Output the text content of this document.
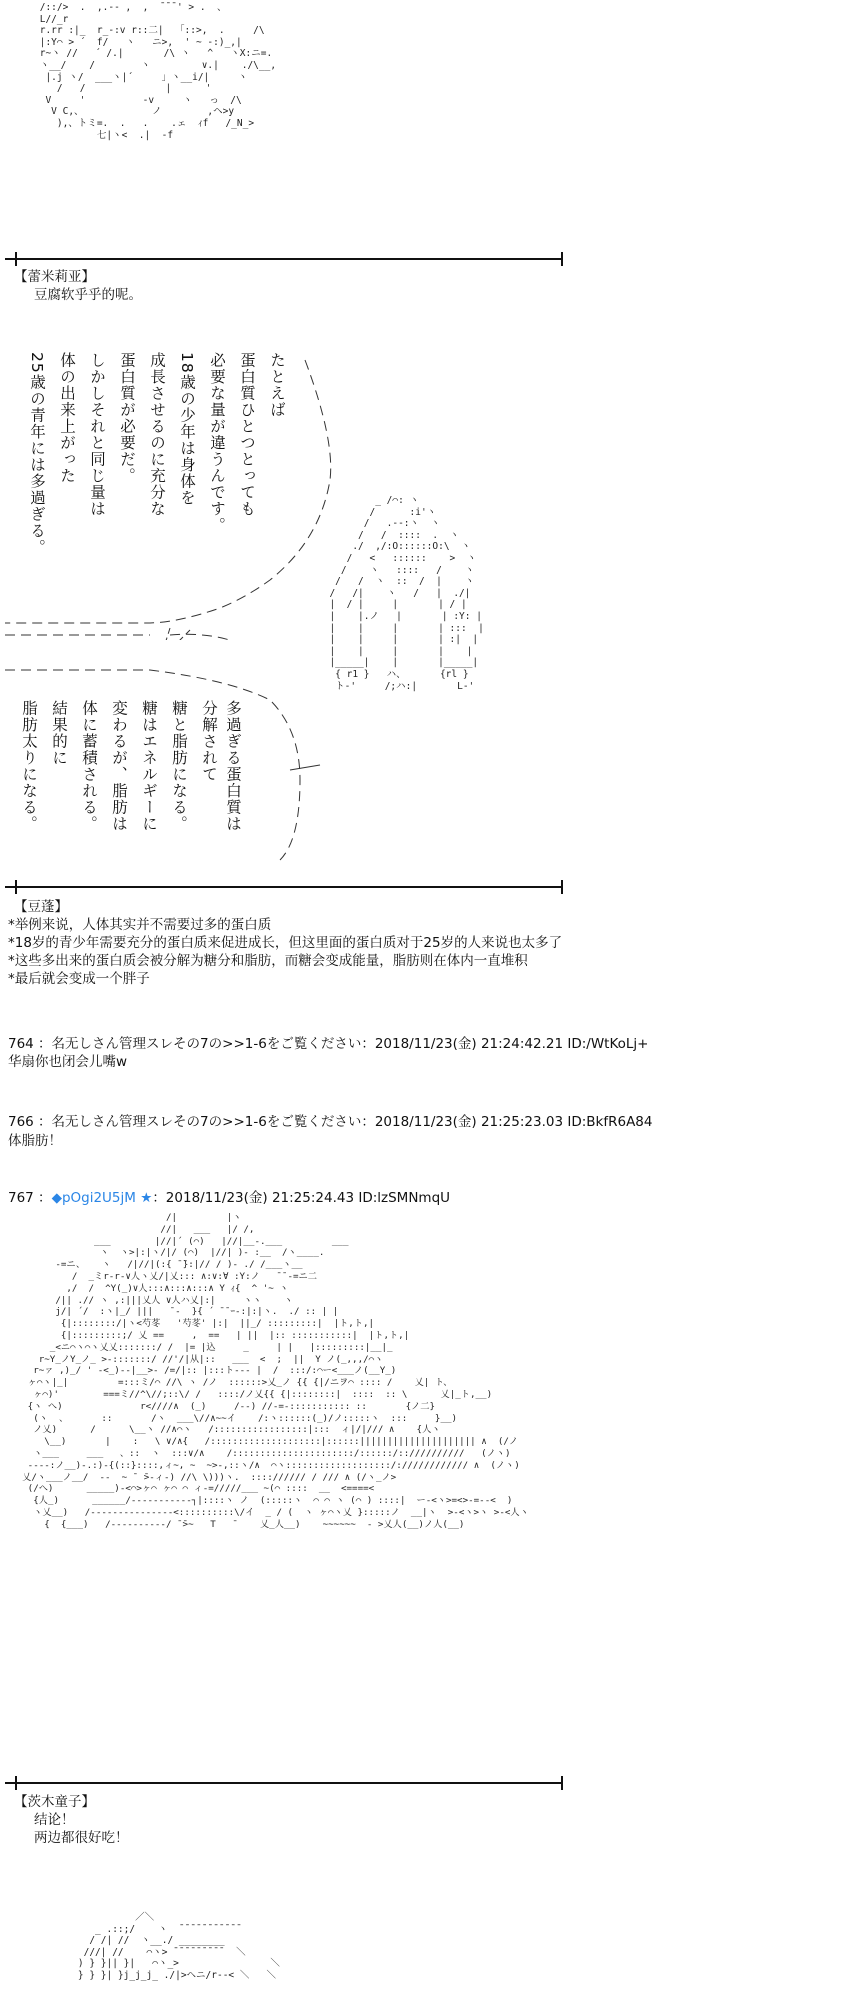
/::/>  .  ,.-- ,  ,  ̄ ̄ ̄ ' > .  、
L//_r
r.rr :|_  r_-:v r::二|  「::>,  .     /\
|:Y⌒ > ´  f/   ヽ   ニ>,  ' ~ -:)_,|
r~ヽ //   ´ /.|       /\ ヽ   ^   ヽX:ニ=.
ヽ__/    /        ヽ         ∨.|    ./\__,
|.j ヽ/  ___ヽ|´     」ヽ__i/|     ヽ
/   /              |      '
V     '          -v     ヽ   っ  /\
V C,、            ノ        ,ヘ>y
),、トミ=.  .   .    .ェ  ｨf   /_N_>
七|ヽ<  .|  -f
【蕾米莉亚】
豆腐软乎乎的呢。
たとえば
蛋白質ひとつとっても
必要な量が違うんです。
18歳の少年は身体を
成長させるのに充分な
蛋白質が必要だ。
しかしそれと同じ量は
体の出来上がった
25歳の青年には多過ぎる。
多過ぎる蛋白質は
分解されて
糖と脂肪になる。
糖はエネルギーに
変わるが、脂肪は
体に蓄積される。
結果的に
脂肪太りになる。
_ /⌒: ヽ
/      :i'ヽ
/   .-‐:ヽ  ヽ
/   /  ::::  .  ヽ
./  ,/:O::::::O:\  ヽ
/   <   ::::::    >  ヽ
/    ヽ   ::::   /    ヽ
/   /  ヽ  ::  /  |    ヽ
/   /|    ヽ   /   |  ./|
|  / |     |       | / |
|    |.ノ   |       | :Y: |
|    |     |       | :::  |
|    |     |       | :|  |
|    |     |       |    |
|_____|    |       |_____|
{ r1 }   ハ、      {rl }
ト-'     /;ハ:|       L-'
【豆蓬】
*举例来说，人体其实并不需要过多的蛋白质
*18岁的青少年需要充分的蛋白质来促进成长，但这里面的蛋白质对于25岁的人来说也太多了
*这些多出来的蛋白质会被分解为糖分和脂肪，而糖会变成能量，脂肪则在体内一直堆积
*最后就会变成一个胖子
764 ：名无しさん管理スレその7の>>1-6をご覧ください：2018/11/23(金) 21:24:42.21 ID:/WtKoLj+
华扇你也闭会儿嘴w
766 ：名无しさん管理スレその7の>>1-6をご覧ください：2018/11/23(金) 21:25:23.03 ID:BkfR6A84
体脂肪！
767 ：◆pOgi2U5jM ★：2018/11/23(金) 21:25:24.43 ID:lzSMNmqU
/|         |ヽ
//|   ___   |/ /,
___        |//|´ (⌒)   |//|__-.___         ___
ヽ  ヽ>|:|ヽ/|/ (⌒)  |//| )- :__  /ヽ____.
-=ニ、   ヽ   /|//|(:{ ̄ ̄}:|// / )- ./ /___ヽ__
/  _ミr-r-∨人ヽ乂/|乂::: ∧:∨:∀ :Y:ノ   ̄ ̄ -=ニ二
,/  /  ^Y(_)∨人:::∧:::∧:::∧ Y ｨ{  ^ '~ ヽ
/|| .// ヽ ,:|||乂人 ∨人ハ乂|:|     ヽヽ    ヽ
j/| ´/  :ヽ|_/ |||   ̄ -  }{ ´ ̄ ̄ ｰ-:|:|ヽ.  ./ :: | |
{|::::::::/|ヽ<芍苳   '芍苳' |:|  ||_/ :::::::::|  |ト,ト,|
{|:::::::::;/ 乂 ==     ,  ==   | ||  |:: :::::::::::|  |ト,ト,|
_<ニ⌒ヽ⌒ヽ乂乂:::::::/ /  |= |込     _     | |   |:::::::::|__|_
r~Y_ノY_ノ_ >-:::::::/ //'/|从|::   ___  <  ;  ||  Y ノ(_,,,/⌒ヽ
r~ァ ,)_/ ' -<_)--|__>- /=/|:: |:::ト--- |  /  :::/:⌒ー<___ノ(__Y_)
ヶ⌒ヽ|_|         =:::ミ/⌒ //\ ヽ /ノ  ::::::>乂_ノ {{ {|/ニヲ⌒ :::: /    乂| ト、
ヶ⌒)'        ===ミ//^\//;::\/ /   ::::/ノ乂{{ {|::::::::|  ::::  :: \      乂|_ト,__)
{ヽ へ)              r<////∧  (_)     /--) //-=-::::::::::: ::       {ノ二}
(ヽ  、      ::       /ヽ  ___\//∧~~イ    /:ヽ::::::(_)/ノ:::::ヽ  :::     }__)
ノ乂)      /      \__ヽ //∧⌒ヽ   /:::::::::::::::::|:::  ィ|/|/// ∧    {人ヽ
\__)       |    :   \ ∨/∧{   /::::::::::::::::::::|::::::||||||||||||||||||||| ∧  (/ノ
ヽ___     ___   、::  ヽ  :::∨/∧    /::::::::::::::::::::::/::::::/:://////////   (ノヽ)
----:ノ__)-.:)-{(::}::::,ィ~, ~  ~>-,::ヽ/∧  ⌒ヽ:::::::::::::::::::/://////////// ∧  (ノヽ)
乂/ヽ___ノ__/  --  ~ ̄  ̄>-ィ-) //\ \)))ヽ.  ::::////// / /// ∧ (/ヽ_ノ>
(/へ)      _____)-<⌒>ヶ⌒ ヶ⌒ ⌒ ィ-=/////___ ~(⌒ ::::  __  <====<
{人_)      ______/-----------┐|::::ヽ ノ  (:::::ヽ  ⌒ ⌒ ヽ (⌒ ) ::::|  ー-<ヽ>=<>-=--<  )
ヽ乂__)   /---------------<::::::::::\/イ  _ / (  ヽ ヶ⌒ヽ乂 }:::::ノ  __|ヽ  >-<ヽ>ヽ >-<人ヽ
{  {___)   /----------/ ̄ ̄>~   T   ̄     乂_人__)    ~~~~~~  - >乂人(__)ノ人(__)
【茨木童子】
结论！
两边都很好吃！
／＼
_ .::;/    ヽ  ¯¯¯¯¯¯¯¯¯¯¯
/ /| //  ヽ__./ ________
///| //    ⌒ヽ> ¯¯¯¯¯¯¯¯¯  ＼
) } }|| }|   ⌒ヽ_>                ＼
} } }| }j_j_j_ ./|>ヘニ/r‐‐< ＼   ＼
